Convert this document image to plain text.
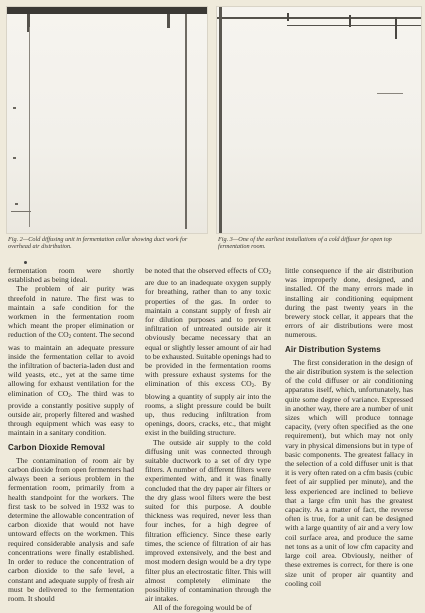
Fig. 2—Cold diffusing unit in fermentation cellar showing duct work for overhead air distribution.
Fig. 3—One of the earliest installations of a cold diffuser for open top fermentation room.

fermentation room were shortly established as being ideal.

The problem of air purity was threefold in nature. The first was to maintain a safe condition for the workmen in the fermentation room which meant the proper elimination or reduction of the $CO_2$ content. The second was to maintain an adequate pressure inside the fermentation cellar to avoid the infiltration of bacteria-laden dust and wild yeasts, etc., yet at the same time allowing for exhaust ventilation for the elimination of $CO_2$. The third was to provide a constantly positive supply of outside air, properly filtered and washed through equipment which was easy to maintain in a sanitary condition.

Carbon Dioxide Removal

The contamination of room air by carbon dioxide from open fermenters had always been a serious problem in the fermentation room, primarily from a health standpoint for the workers. The first task to be solved in 1932 was to determine the allowable concentration of carbon dioxide that would not have untoward effects on the workmen. This required considerable analysis and safe concentrations were finally established. In order to reduce the concentration of carbon dioxide to the safe level, a constant and adequate supply of fresh air must be delivered to the fermentation room. It should

be noted that the observed effects of $CO_2$ are due to an inadequate oxygen supply for breathing, rather than to any toxic properties of the gas. In order to maintain a constant supply of fresh air for dilution purposes and to prevent infiltration of untreated outside air it obviously became necessary that an equal or slightly lesser amount of air had to be exhausted. Suitable openings had to be provided in the fermentation rooms with pressure exhaust systems for the elimination of this excess $CO_2$. By blowing a quantity of supply air into the rooms, a slight pressure could be built up, thus reducing infiltration from openings, doors, cracks, etc., that might exist in the building structure.

The outside air supply to the cold diffusing unit was connected through suitable ductwork to a set of dry type filters. A number of different filters were experimented with, and it was finally concluded that the dry paper air filters or the dry glass wool filters were the best suited for this purpose. A double thickness was required, never less than four inches, for a high degree of filtration efficiency. Since these early times, the science of filtration of air has improved extensively, and the best and most modern design would be a dry type filter plus an electrostatic filter. This will almost completely eliminate the possibility of contamination through the air intakes.

All of the foregoing would be of

little consequence if the air distribution was improperly done, designed, and installed. Of the many errors made in installing air conditioning equipment during the past twenty years in the brewery stock cellar, it appears that the errors of air distributions were most numerous.

Air Distribution Systems

The first consideration in the design of the air distribution system is the selection of the cold diffuser or air conditioning apparatus itself, which, unfortunately, has quite some degree of variance. Expressed in another way, there are a number of unit sizes which will produce tonnage capacity, (very often specified as the one requirement), but which may not only vary in physical dimensions but in type of basic components. The greatest fallacy in the selection of a cold diffuser unit is that it is very often rated on a cfm basis (cubic feet of air supplied per minute), and the less experienced are inclined to believe that a large cfm unit has the greatest capacity. As a matter of fact, the reverse often is true, for a unit can be designed with a large quantity of air and a very low coil surface area, and produce the same net tons as a unit of low cfm capacity and large coil area. Obviously, neither of these extremes is correct, for there is one size unit of proper air quantity and cooling coil
